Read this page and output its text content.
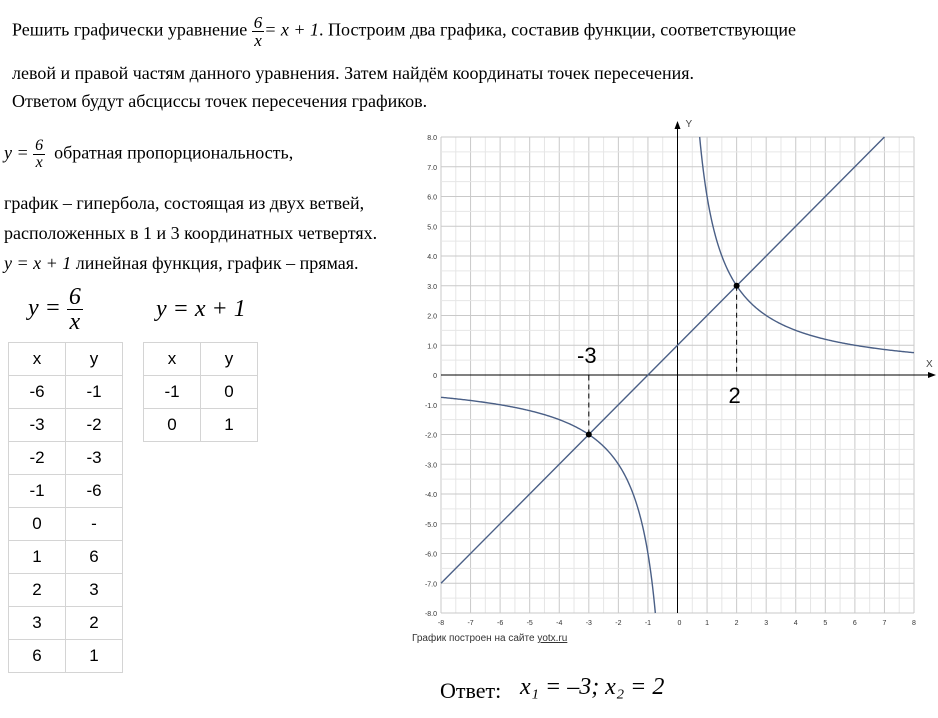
Решить графически уравнение $\frac{6}{x} = x + 1$. Построим два графика, составив функции, соответствующие
левой и правой частям данного уравнения. Затем найдём координаты точек пересечения.
Ответом будут абсциссы точек пересечения графиков.
$y = \frac{6}{x}$ обратная пропорциональность,
график – гипербола, состоящая из двух ветвей,
расположенных в 1 и 3 координатных четвертях.
y = x + 1 линейная функция, график – прямая.
$y = \frac{6}{x}$	y = x + 1
x	y
-6	-1
-3	-2
-2	-3
-1	-6
0	-
1	6
2	3
3	2
6	1
x	y
-1	0
0	1
-8	-7	-6	-5	-4	-3	-2	-1	0	1	2	3	4	5	6	7	8
8.0
7.0
6.0
5.0
4.0
3.0
2.0
1.0
0
-1.0
-2.0
-3.0
-4.0
-5.0
-6.0
-7.0
-8.0
-3
2
X
Y
График построен на сайте yotx.ru
Ответ: x₁ = –3; x₂ = 2
